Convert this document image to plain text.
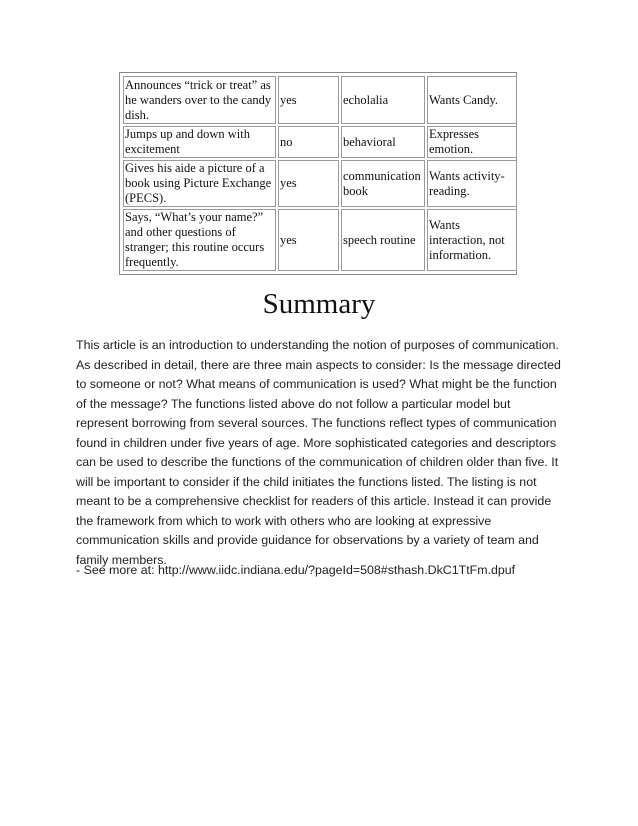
Announces “trick or treat” as he wanders over to the candy dish.	yes	echolalia	Wants Candy.
Jumps up and down with excitement	no	behavioral	Expresses emotion.
Gives his aide a picture of a book using Picture Exchange (PECS).	yes	communication book	Wants activity-reading.
Says, “What’s your name?” and other questions of stranger; this routine occurs frequently.	yes	speech routine	Wants interaction, not information.
Summary

This article is an introduction to understanding the notion of purposes of communication. As described in detail, there are three main aspects to consider: Is the message directed to someone or not? What means of communication is used? What might be the function of the message? The functions listed above do not follow a particular model but represent borrowing from several sources. The functions reflect types of communication found in children under five years of age. More sophisticated categories and descriptors can be used to describe the functions of the communication of children older than five. It will be important to consider if the child initiates the functions listed. The listing is not meant to be a comprehensive checklist for readers of this article. Instead it can provide the framework from which to work with others who are looking at expressive communication skills and provide guidance for observations by a variety of team and family members.

- See more at: http://www.iidc.indiana.edu/?pageId=508#sthash.DkC1TtFm.dpuf
